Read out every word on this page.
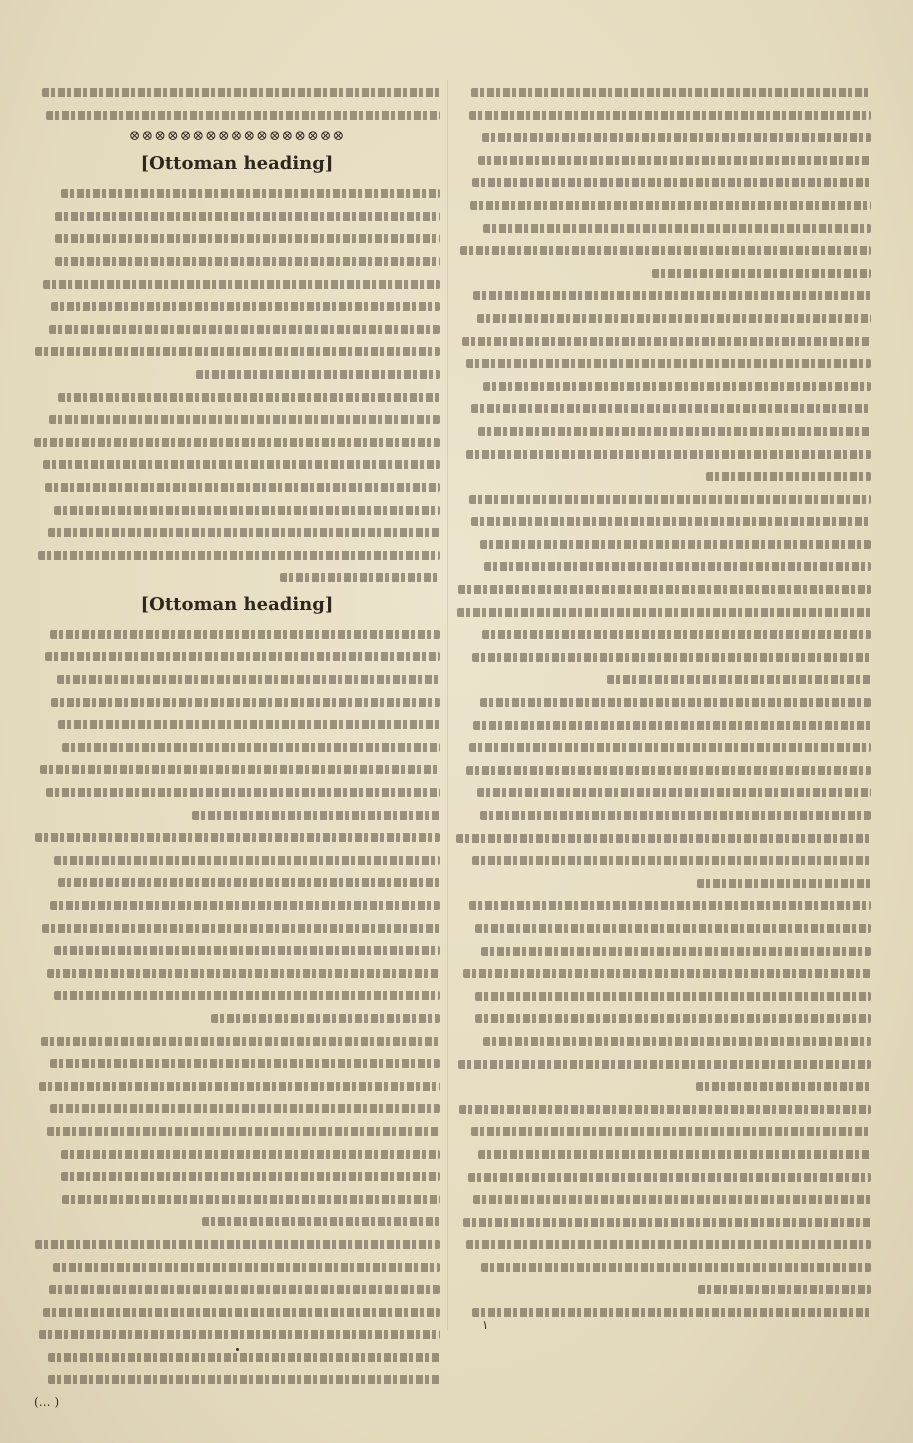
⊗⊗⊗⊗⊗⊗⊗⊗⊗⊗⊗⊗⊗⊗⊗⊗⊗
[Ottoman heading]
[Ottoman heading]
(… )
١
